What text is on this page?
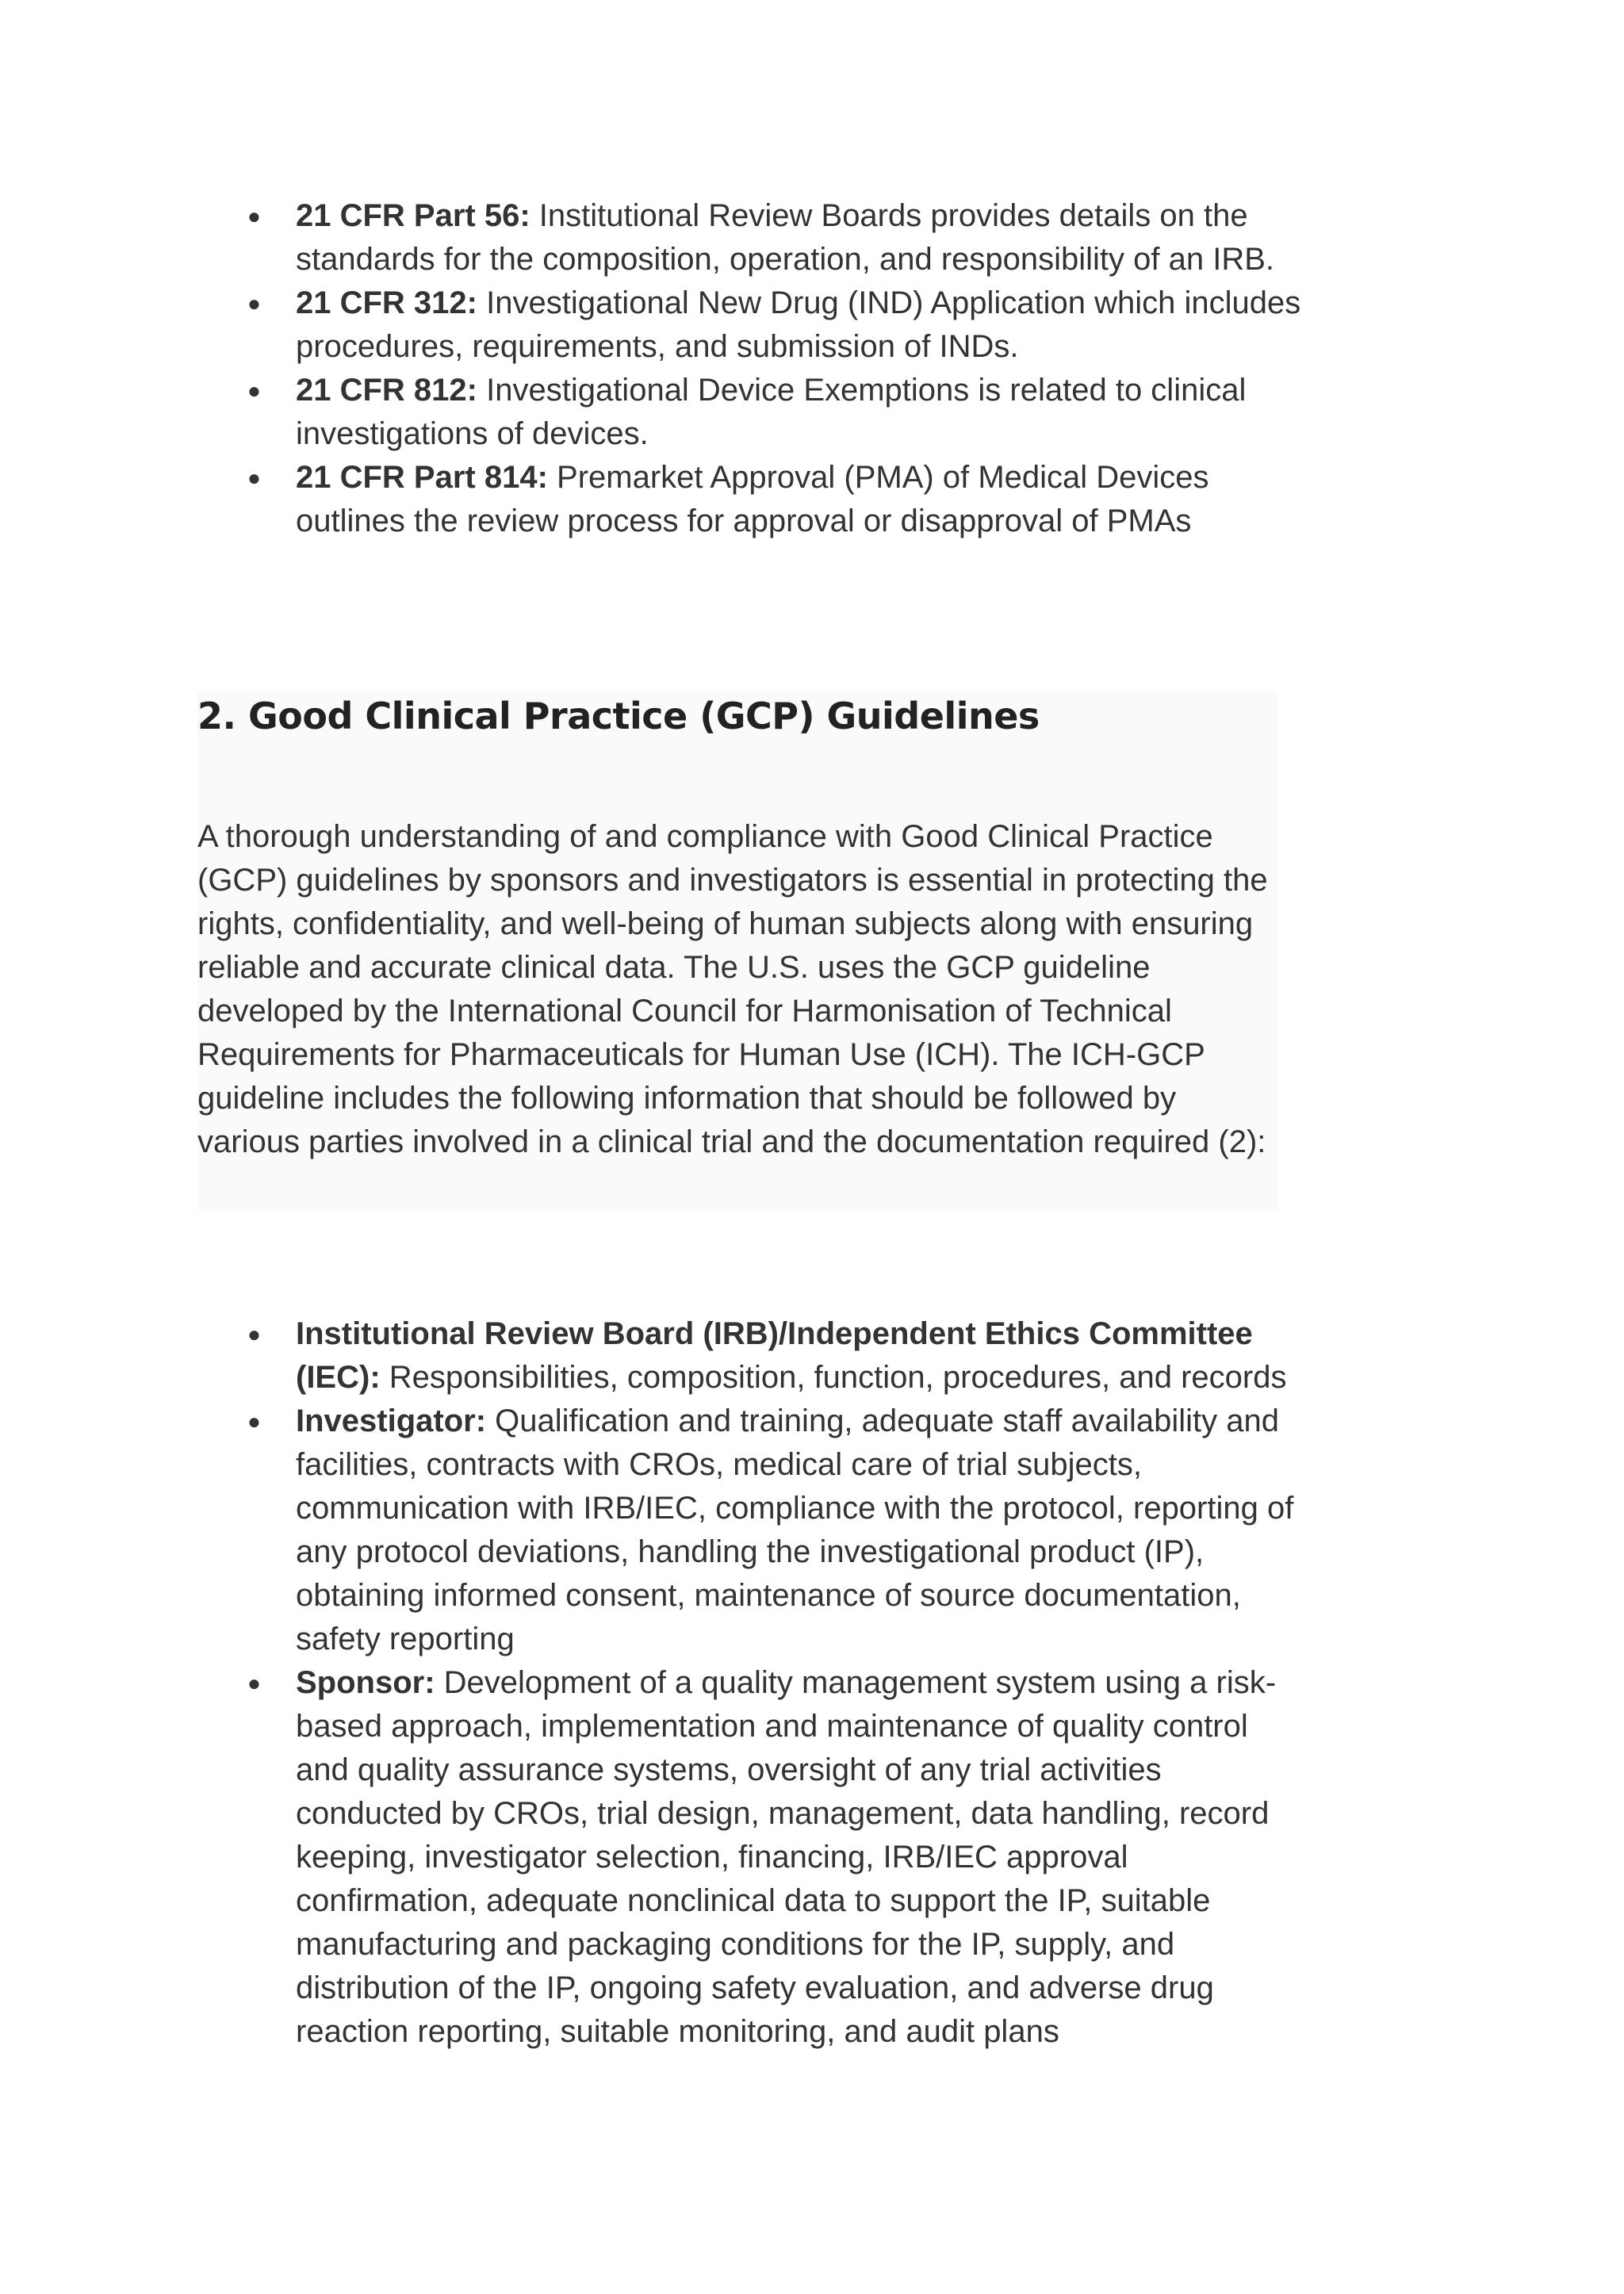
● 21 CFR Part 56: Institutional Review Boards provides details on the standards for the composition, operation, and responsibility of an IRB.
● 21 CFR 312: Investigational New Drug (IND) Application which includes procedures, requirements, and submission of INDs.
● 21 CFR 812: Investigational Device Exemptions is related to clinical investigations of devices.
● 21 CFR Part 814: Premarket Approval (PMA) of Medical Devices outlines the review process for approval or disapproval of PMAs
2. Good Clinical Practice (GCP) Guidelines

A thorough understanding of and compliance with Good Clinical Practice (GCP) guidelines by sponsors and investigators is essential in protecting the rights, confidentiality, and well-being of human subjects along with ensuring reliable and accurate clinical data. The U.S. uses the GCP guideline developed by the International Council for Harmonisation of Technical Requirements for Pharmaceuticals for Human Use (ICH). The ICH-GCP guideline includes the following information that should be followed by various parties involved in a clinical trial and the documentation required (2):

● Institutional Review Board (IRB)/Independent Ethics Committee (IEC): Responsibilities, composition, function, procedures, and records
● Investigator: Qualification and training, adequate staff availability and facilities, contracts with CROs, medical care of trial subjects, communication with IRB/IEC, compliance with the protocol, reporting of any protocol deviations, handling the investigational product (IP), obtaining informed consent, maintenance of source documentation, safety reporting
● Sponsor: Development of a quality management system using a risk-based approach, implementation and maintenance of quality control and quality assurance systems, oversight of any trial activities conducted by CROs, trial design, management, data handling, record keeping, investigator selection, financing, IRB/IEC approval confirmation, adequate nonclinical data to support the IP, suitable manufacturing and packaging conditions for the IP, supply, and distribution of the IP, ongoing safety evaluation, and adverse drug reaction reporting, suitable monitoring, and audit plans
